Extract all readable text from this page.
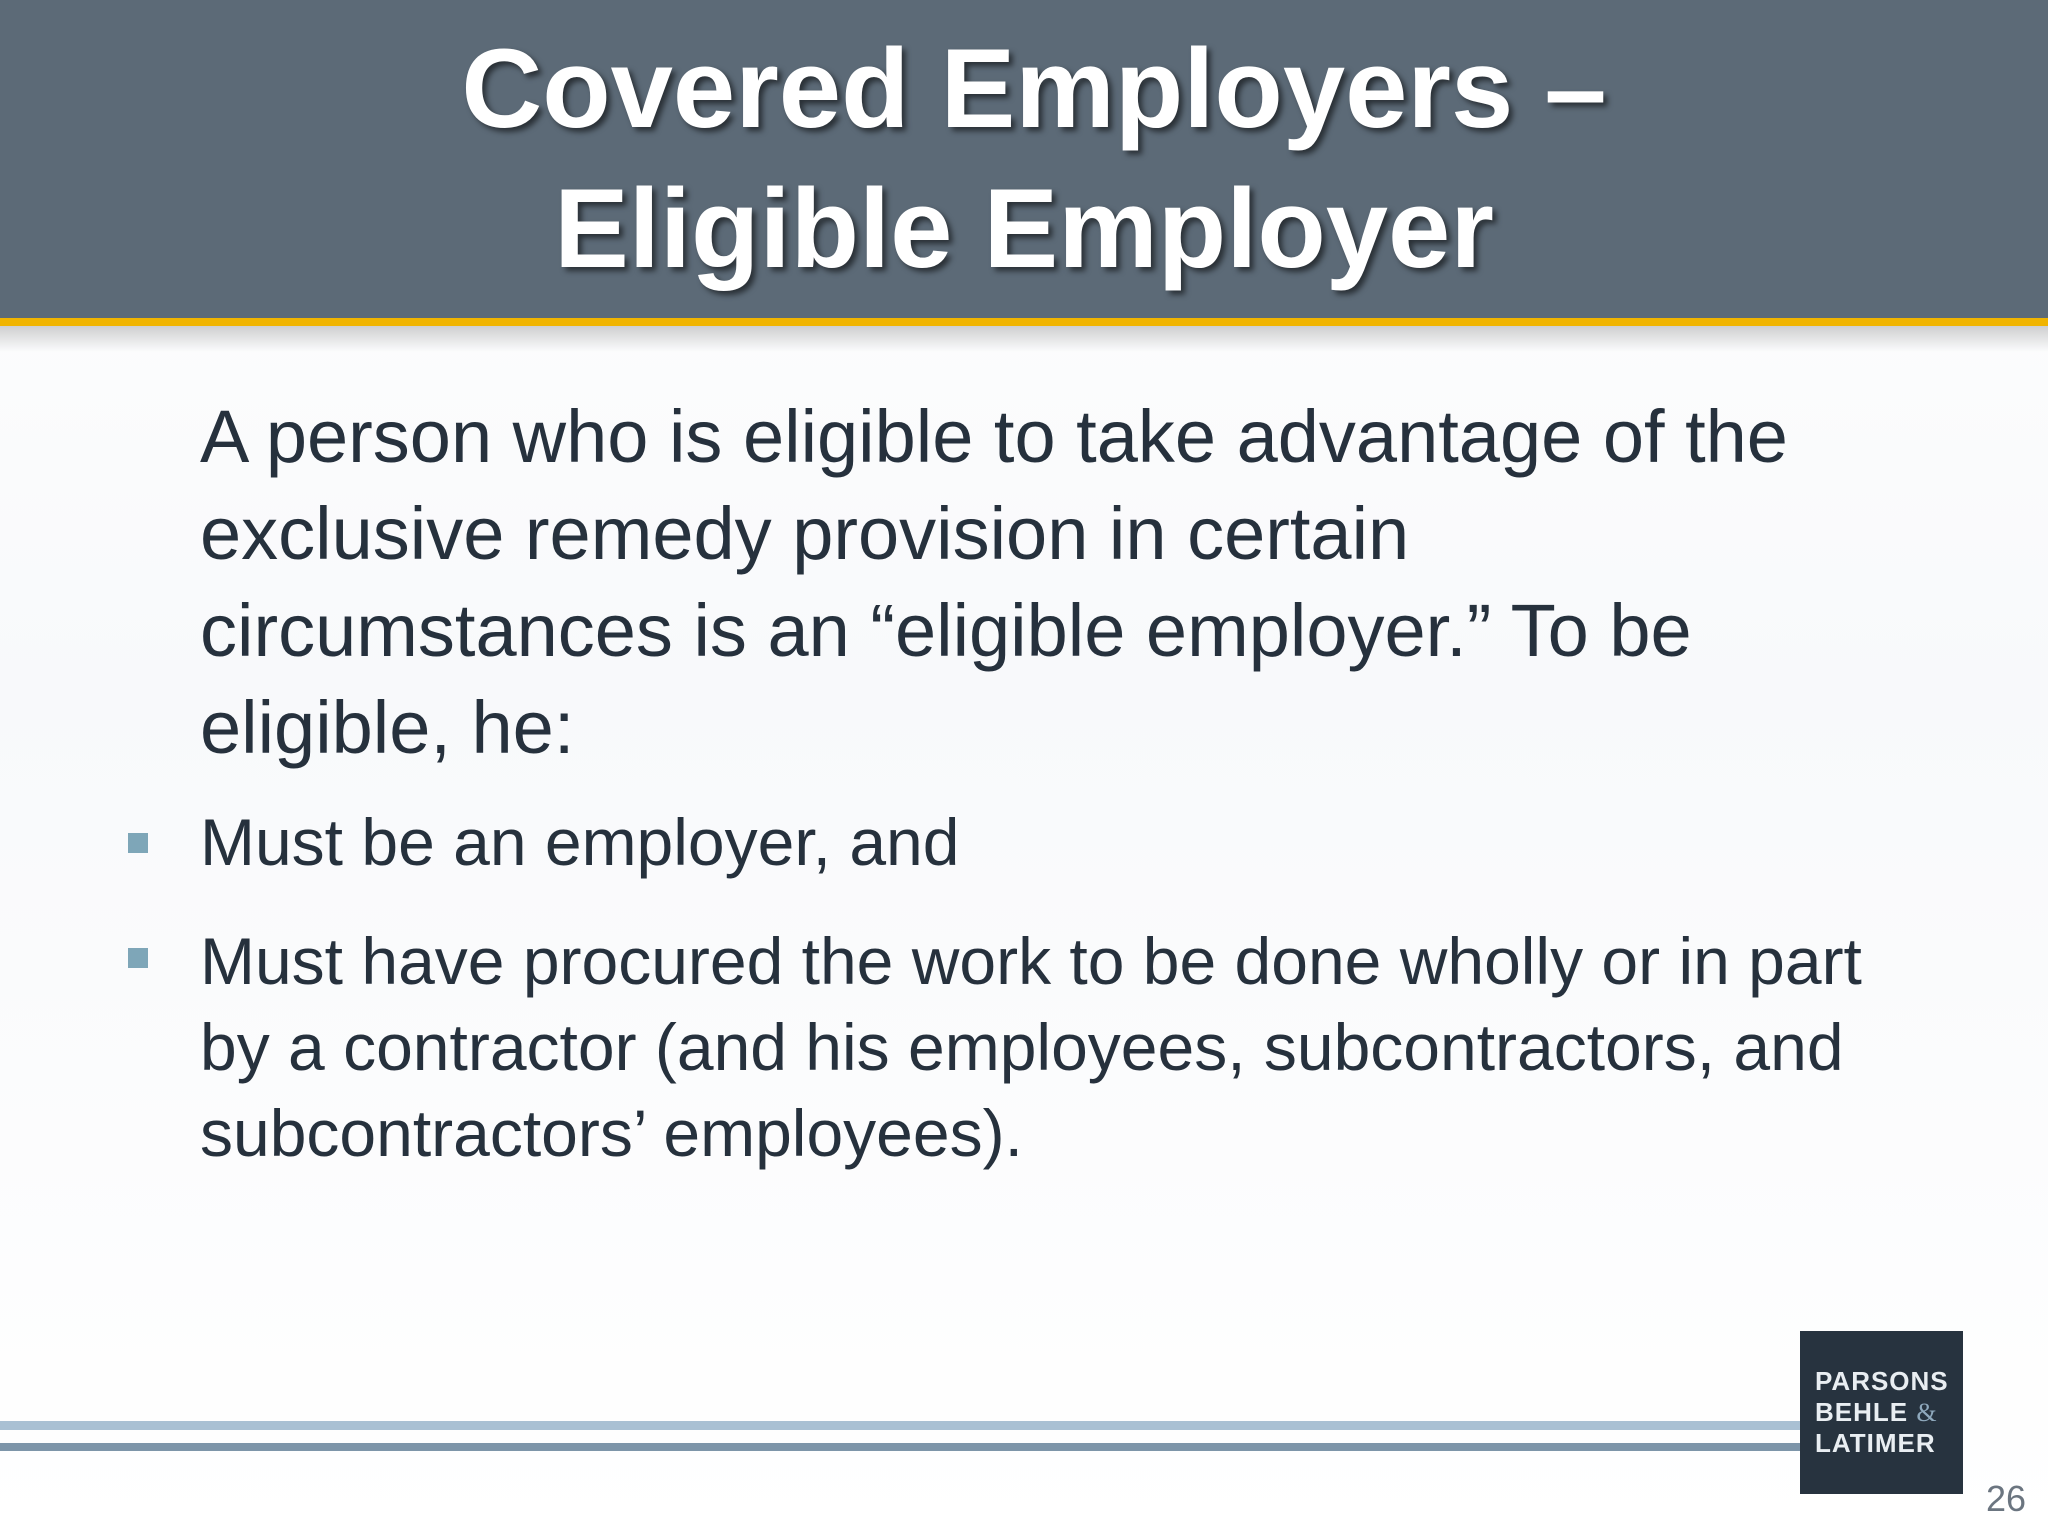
Covered Employers –
Eligible Employer
A person who is eligible to take advantage of the
exclusive remedy provision in certain
circumstances is an “eligible employer.” To be
eligible, he:
Must be an employer, and
Must have procured the work to be done wholly or in part
by a contractor (and his employees, subcontractors, and
subcontractors’ employees).
PARSONS
BEHLE &
LATIMER
26
